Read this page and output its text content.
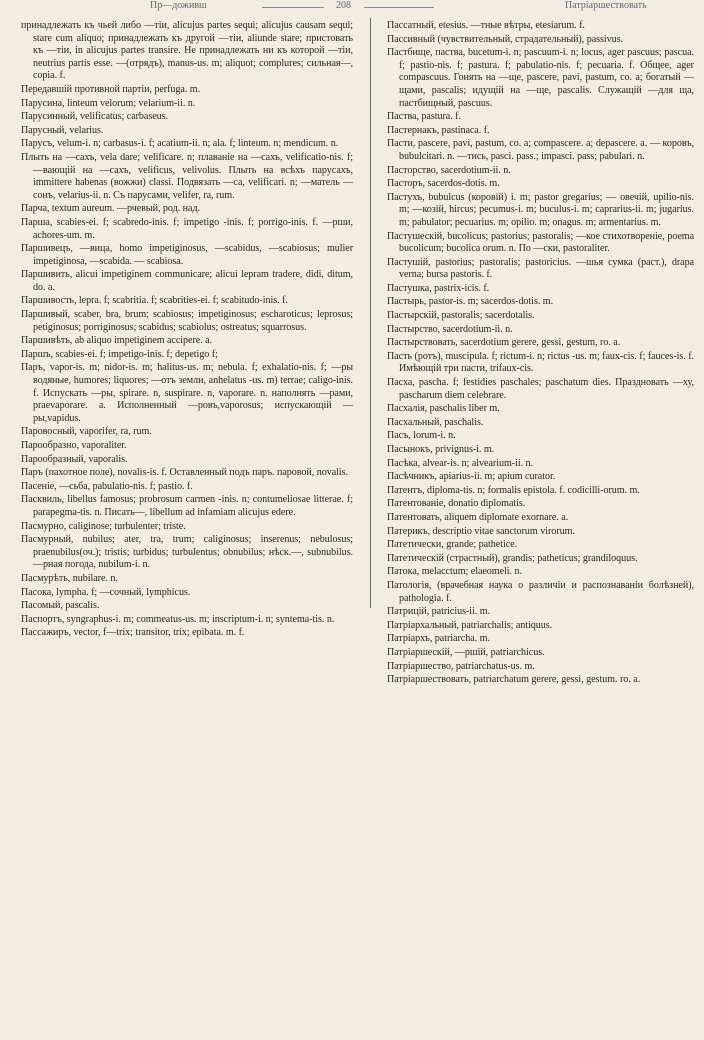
Пр—доживш	208	Патріаршествовать

принадлежать къ чьей либо —тіи, alicujus partes sequi; alicujus causam sequi; stare cum aliquo; принадлежать къ другой —тіи, aliunde stare; пристовать къ —тіи, in alicujus partes transire. Не принадлежать ни къ которой —тіи, neutrius partis esse. —(отрядъ), manus-us. m; aliquot; complures; сильная—, copia. f.

Передавшій противной партіи, perfuga. m.

Парусина, linteum velorum; velarium-ii. n.

Парусинный, velificatus; carbaseus.

Парусный, velarius.

Парусъ, velum-i. n; carbasus-i. f; acatium-ii. n; ala. f; linteum. n; mendicum. n.

Плыть на —сахъ, vela dare; velificare. n; плаваніе на —сахъ, velificatio-nis. f; —вающій на —сахъ, velificus, velivolus. Плыть на всѣхъ парусахъ, immittere habenas (вожжи) classi. Подвязать —са, velificari. n; —матель —сонъ, velarius-ii. n. Съ парусами, velifer, ra, rum.

Парча, textum aureum. —рчевый, род. над.

Парша, scabies-ei. f; scabredo-inis. f; impetigo -inis. f; porrigo-inis. f. —рши, achores-um. m.

Паршивецъ, —вица, homo impetiginosus, —scabidus, —scabiosus; mulier impetiginosa, —scabida. — scabiosa.

Паршивить, alicui impetiginem communicare; alicui lepram tradere, didi, ditum, do. a.

Паршивость, lepra. f; scabritia. f; scabrities-ei. f; scabitudo-inis. f.

Паршивый, scaber, bra, brum; scabiosus; impetiginosus; escharoticus; leprosus; petiginosus; porriginosus; scabidus; scabiolus; ostreatus; squarrosus.

Паршивѣть, ab aliquo impetiginem accipere. a.

Паршъ, scabies-ei. f; impetigo-inis. f; depetigo f;

Паръ, vapor-is. m; nidor-is. m; halitus-us. m; nebula. f; exhalatio-nis. f; —ры водяные, humores; liquores; —отъ земли, anhelatus -us. m) terrae; caligo-inis. f. Испускать —ры, spirare. n, suspirare. n, vaporare. n. наполнять —рами, praevaporare. a. Исполненный —ровъ,vaporosus; испускающій —ры,vapidus.

Паровосный, vaporifer, ra, rum.

Парообразно, vaporaliter.

Парообразный, vaporalis.

Паръ (пахотное поле), novalis-is. f. Оставленный подъ паръ. паровой, novalis.

Пасеніе, —сьба, pabulatio-nis. f; pastio. f.

Пасквиль, libellus famosus; probrosum carmen -inis. n; contumeliosae litterae. f; parapegma-tis. n. Писать—, libellum ad infamiam alicujus edere.

Пасмурно, caliginose; turbulenter; triste.

Пасмурный, nubilus; ater, tra, trum; caliginosus; inserenus; nebulosus; praenubilus(оч.); tristis; turbidus; turbulentus; obnubilus; нѣск.—, subnubilus. —рная погода, nubilum-i. n.

Пасмурѣть, nubilare. n.

Пасока, lympha. f; —сочный, lymphicus.

Пасомый, pascalis.

Паспортъ, syngraphus-i. m; commeatus-us. m; inscriptum-i. n; syntema-tis. n.

Пассажиръ, vector, f—trix; transitor, trix; epibata. m. f.

Пассатный, etesius. —тные вѣтры, etesiarum. f.

Пассивный (чувствительный, страдательный), passivus.

Пастбище, паства, bucetum-i. n; pascuum-i. n; locus, ager pascuus; pascua. f; pastio-nis. f; pastura. f; pabulatio-nis. f; pecuaria. f. Общее, ager compascuus. Гонять на —ще, pascere, pavi, pastum, co. a; богатый —щами, pascalis; идущій на —ще, pascalis. Служащій —для ща, пастбищный, pascuus.

Паства, pastura. f.

Пастернакъ, pastinaca. f.

Пасти, pascere, pavi, pastum, co. a; compascere. a; depascere. a. — коровъ, bubulcitari. n. —тись, pasci. pass.; impasci. pass; pabulari. n.

Пасторство, sacerdotium-ii. n.

Пасторъ, sacerdos-dotis. m.

Пастухъ, bubulcus (коровій) i. m; pastor gregarius; — овечій, upilio-nis. m; —козій, hircus; pecumus-i. m; buculus-i. m; caprarius-ii. m; jugarius. m; pabulator; pecuarius. m; opilio. m; onagus. m; armentarius. m.

Пастушескій, bucolicus; pastorius; pastoralis; —кое стихотвореніе, poema bucolicum; bucolica orum. n. По —ски, pastoraliter.

Пастушій, pastorius; pastoralis; pastoricius. —шья сумка (раст.), drapa verna; bursa pastoris. f.

Пастушка, pastrix-icis. f.

Пастырь, pastor-is. m; sacerdos-dotis. m.

Пастырскій, pastoralis; sacerdotalis.

Пастырство, sacerdotium-ii. n.

Пастырствовать, sacerdotium gerere, gessi, gestum, ro. a.

Пасть (ротъ), muscipula. f; rictum-i. n; rictus -us. m; faux-cis. f; fauces-is. f. Имѣющій три пасти, trifaux-cis.

Пасха, pascha. f; festidies paschales; paschatum dies. Праздновать —ху, pascharum diem celebrare.

Пасхалія, paschalis liber m.

Пасхальный, paschalis.

Пасъ, lorum-i. n.

Пасынокъ, privignus-i. m.

Пасѣка, alvear-is. n; alvearium-ii. n.

Пасѣчникъ, apiarius-ii. m; apium curator.

Патентъ, diploma-tis. n; formalis epistola. f. codicilli-orum. m.

Патентованіе, donatio diplomatis.

Патентовать, aliquem diplomate exornare. a.

Патерикъ, descriptio vitae sanctorum virorum.

Патетически, grande; pathetice.

Патетическій (страстный), grandis; patheticus; grandiloquus.

Патока, melacctum; elaeomeli. n.

Патологія, (врачебная наука о различіи и распознаваніи болѣзней), pathologia. f.

Патрицій, patricius-ii. m.

Патріархальный, patriarchalis; antiquus.

Патріархъ, patriarcha. m.

Патріаршескій, —ршій, patriarchicus.

Патріаршество, patriarchatus-us. m.

Патріаршествовать, patriarchatum gerere, gessi, gestum. ro. a.
